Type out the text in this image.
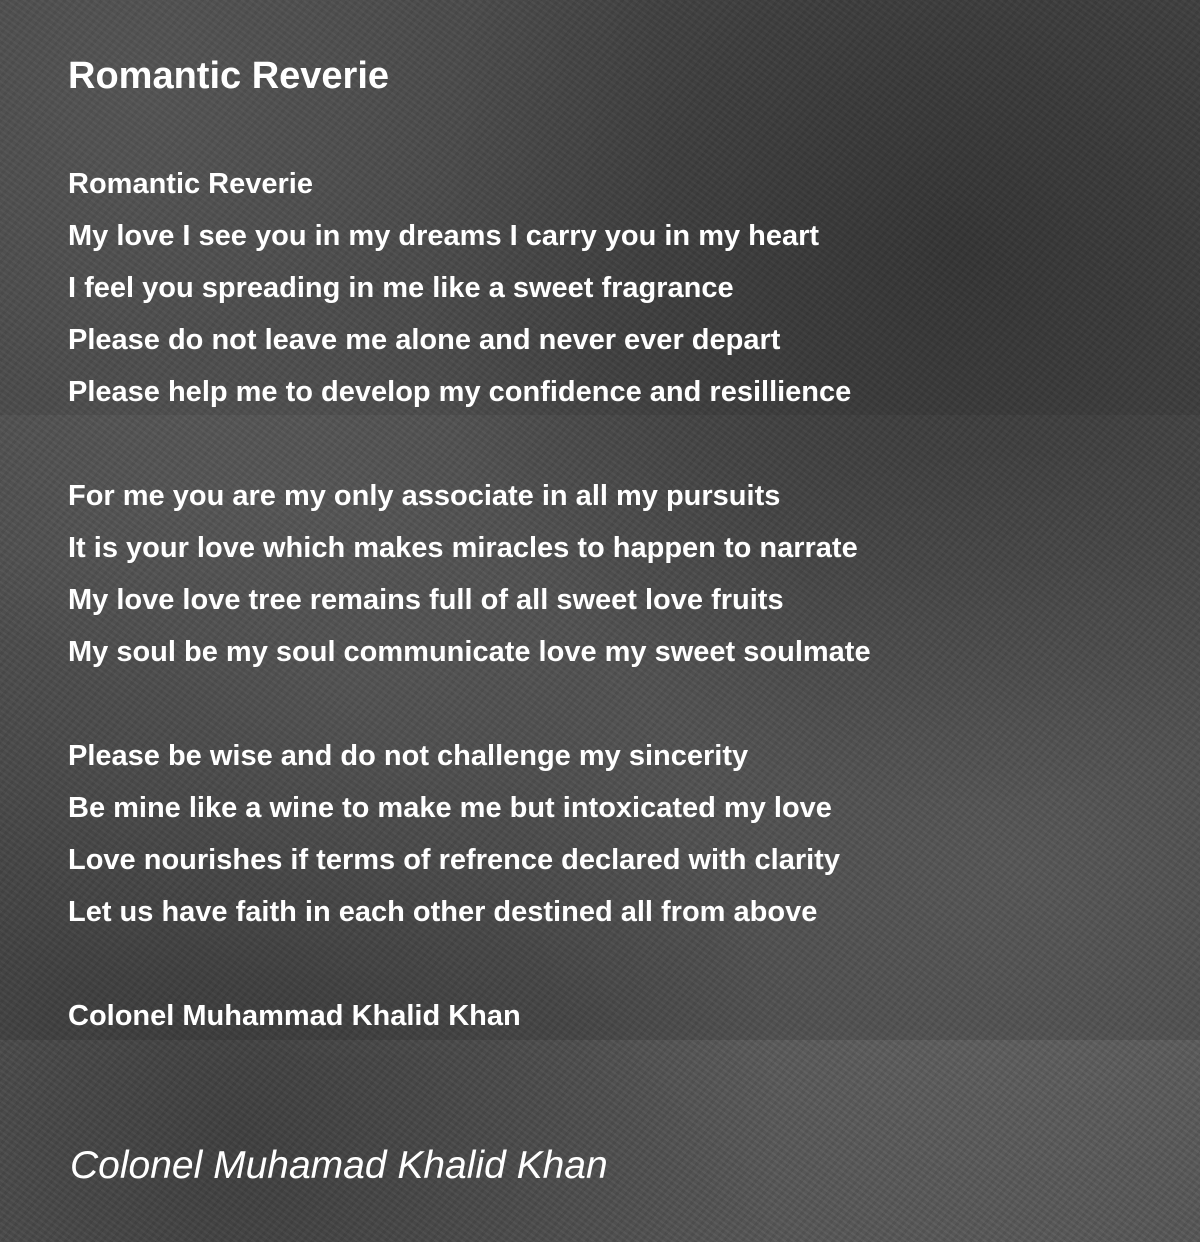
Romantic Reverie
Romantic Reverie
My love I see you in my dreams I carry you in my heart
I feel you spreading in me like a sweet fragrance
Please do not leave me alone and never ever depart
Please help me to develop my confidence and resillience
For me you are my only associate in all my pursuits
It is your love which makes miracles to happen to narrate
My love love tree remains full of all sweet love fruits
My soul be my soul communicate love my sweet soulmate
Please be wise and do not challenge my sincerity
Be mine like a wine to make me but intoxicated my love
Love nourishes if terms of refrence declared with clarity
Let us have faith in each other destined all from above
Colonel Muhammad Khalid Khan
Colonel Muhamad Khalid Khan
